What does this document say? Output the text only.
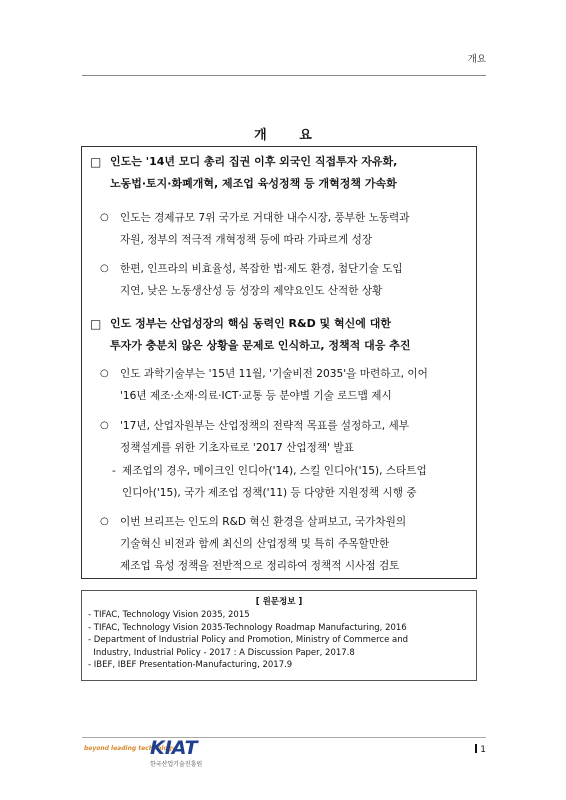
개요
개 요
□ 인도는 '14년 모디 총리 집권 이후 외국인 직접투자 자유화,
노동법·토지·화폐개혁, 제조업 육성정책 등 개혁정책 가속화
○ 인도는 경제규모 7위 국가로 거대한 내수시장, 풍부한 노동력과
자원, 정부의 적극적 개혁정책 등에 따라 가파르게 성장
○ 한편, 인프라의 비효율성, 복잡한 법·제도 환경, 첨단기술 도입
지연, 낮은 노동생산성 등 성장의 제약요인도 산적한 상황
□ 인도 정부는 산업성장의 핵심 동력인 R&D 및 혁신에 대한
투자가 충분치 않은 상황을 문제로 인식하고, 정책적 대응 추진
○ 인도 과학기술부는 '15년 11월, '기술비전 2035'을 마련하고, 이어
'16년 제조·소재·의료·ICT·교통 등 분야별 기술 로드맵 제시
○ '17년, 산업자원부는 산업정책의 전략적 목표를 설정하고, 세부
정책설계를 위한 기초자료로 '2017 산업정책' 발표
- 제조업의 경우, 메이크인 인디아('14), 스킬 인디아('15), 스타트업
인디아('15), 국가 제조업 정책('11) 등 다양한 지원정책 시행 중
○ 이번 브리프는 인도의 R&D 혁신 환경을 살펴보고, 국가차원의
기술혁신 비전과 함께 최신의 산업정책 및 특히 주목할만한
제조업 육성 정책을 전반적으로 정리하여 정책적 시사점 검토
[ 원문정보 ]
- TIFAC, Technology Vision 2035, 2015
- TIFAC, Technology Vision 2035-Technology Roadmap Manufacturing, 2016
- Department of Industrial Policy and Promotion, Ministry of Commerce and
Industry, Industrial Policy - 2017 : A Discussion Paper, 2017.8
- IBEF, IBEF Presentation-Manufacturing, 2017.9
beyond leading technology
KIAT
한국산업기술진흥원
1
